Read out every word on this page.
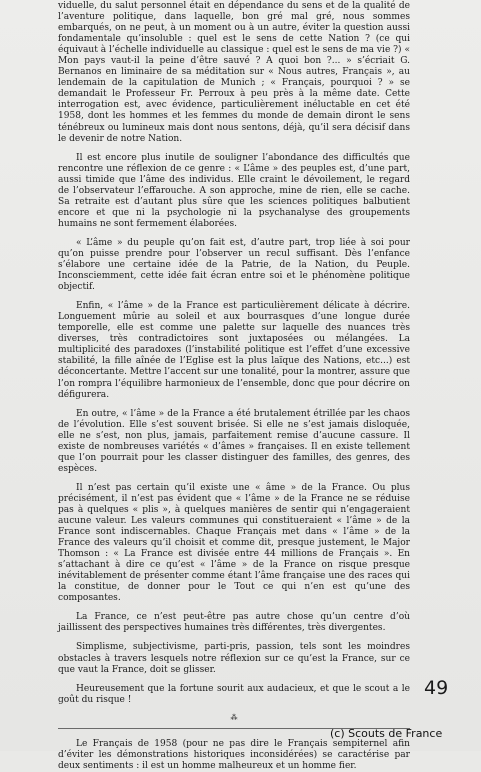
viduelle, du salut personnel était en dépendance du sens et de la qualité de l’aventure politique, dans laquelle, bon gré mal gré, nous sommes embarqués, on ne peut, à un moment ou à un autre, éviter la question aussi fondamentale qu’insoluble : quel est le sens de cette Nation ? (ce qui équivaut à l’échelle individuelle au classique : quel est le sens de ma vie ?) « Mon pays vaut-il la peine d’être sauvé ? A quoi bon ?... » s’écriait G. Bernanos en liminaire de sa méditation sur « Nous autres, Français », au lendemain de la capitulation de Munich ; « Français, pourquoi ? » se demandait le Professeur Fr. Perroux à peu près à la même date. Cette interrogation est, avec évidence, particulièrement inéluctable en cet été 1958, dont les hommes et les femmes du monde de demain diront le sens ténébreux ou lumineux mais dont nous sentons, déjà, qu’il sera décisif dans le devenir de notre Nation.

Il est encore plus inutile de souligner l’abondance des difficultés que rencontre une réflexion de ce genre : « L’âme » des peuples est, d’une part, aussi timide que l’âme des individus. Elle craint le dévoilement, le regard de l’observateur l’effarouche. A son approche, mine de rien, elle se cache. Sa retraite est d’autant plus sûre que les sciences politiques balbutient encore et que ni la psychologie ni la psychanalyse des groupements humains ne sont fermement élaborées.

« L’âme » du peuple qu’on fait est, d’autre part, trop liée à soi pour qu’on puisse prendre pour l’observer un recul suffisant. Dès l’enfance s’élabore une certaine idée de la Patrie, de la Nation, du Peuple. Inconsciemment, cette idée fait écran entre soi et le phénomène politique objectif.

Enfin, « l’âme » de la France est particulièrement délicate à décrire. Longuement mûrie au soleil et aux bourrasques d’une longue durée temporelle, elle est comme une palette sur laquelle des nuances très diverses, très contradictoires sont juxtaposées ou mélangées. La multiplicité des paradoxes (l’instabilité politique est l’effet d’une excessive stabilité, la fille aînée de l’Eglise est la plus laïque des Nations, etc...) est déconcertante. Mettre l’accent sur une tonalité, pour la montrer, assure que l’on rompra l’équilibre harmonieux de l’ensemble, donc que pour décrire on défigurera.

En outre, « l’âme » de la France a été brutalement étrillée par les chaos de l’évolution. Elle s’est souvent brisée. Si elle ne s’est jamais disloquée, elle ne s’est, non plus, jamais, parfaitement remise d’aucune cassure. Il existe de nombreuses variétés « d’âmes » françaises. Il en existe tellement que l’on pourrait pour les classer distinguer des familles, des genres, des espèces.

Il n’est pas certain qu’il existe une « âme » de la France. Ou plus précisément, il n’est pas évident que « l’âme » de la France ne se réduise pas à quelques « plis », à quelques manières de sentir qui n’engageraient aucune valeur. Les valeurs communes qui constitueraient « l’âme » de la France sont indiscernables. Chaque Français met dans « l’âme » de la France des valeurs qu’il choisit et comme dit, presque justement, le Major Thomson : « La France est divisée entre 44 millions de Français ». En s’attachant à dire ce qu’est « l’âme » de la France on risque presque inévitablement de présenter comme étant l’âme française une des races qui la constitue, de donner pour le Tout ce qui n’en est qu’une des composantes.

La France, ce n’est peut-être pas autre chose qu’un centre d’où jaillissent des perspectives humaines très différentes, très divergentes.

Simplisme, subjectivisme, parti-pris, passion, tels sont les moindres obstacles à travers lesquels notre réflexion sur ce qu’est la France, sur ce que vaut la France, doit se glisser.

Heureusement que la fortune sourit aux audacieux, et que le scout a le goût du risque !

⁂

Le Français de 1958 (pour ne pas dire le Français sempiternel afin d’éviter les démonstrations historiques inconsidérées) se caractérise par deux sentiments : il est un homme malheureux et un homme fier.

49
(c) Scouts de France
